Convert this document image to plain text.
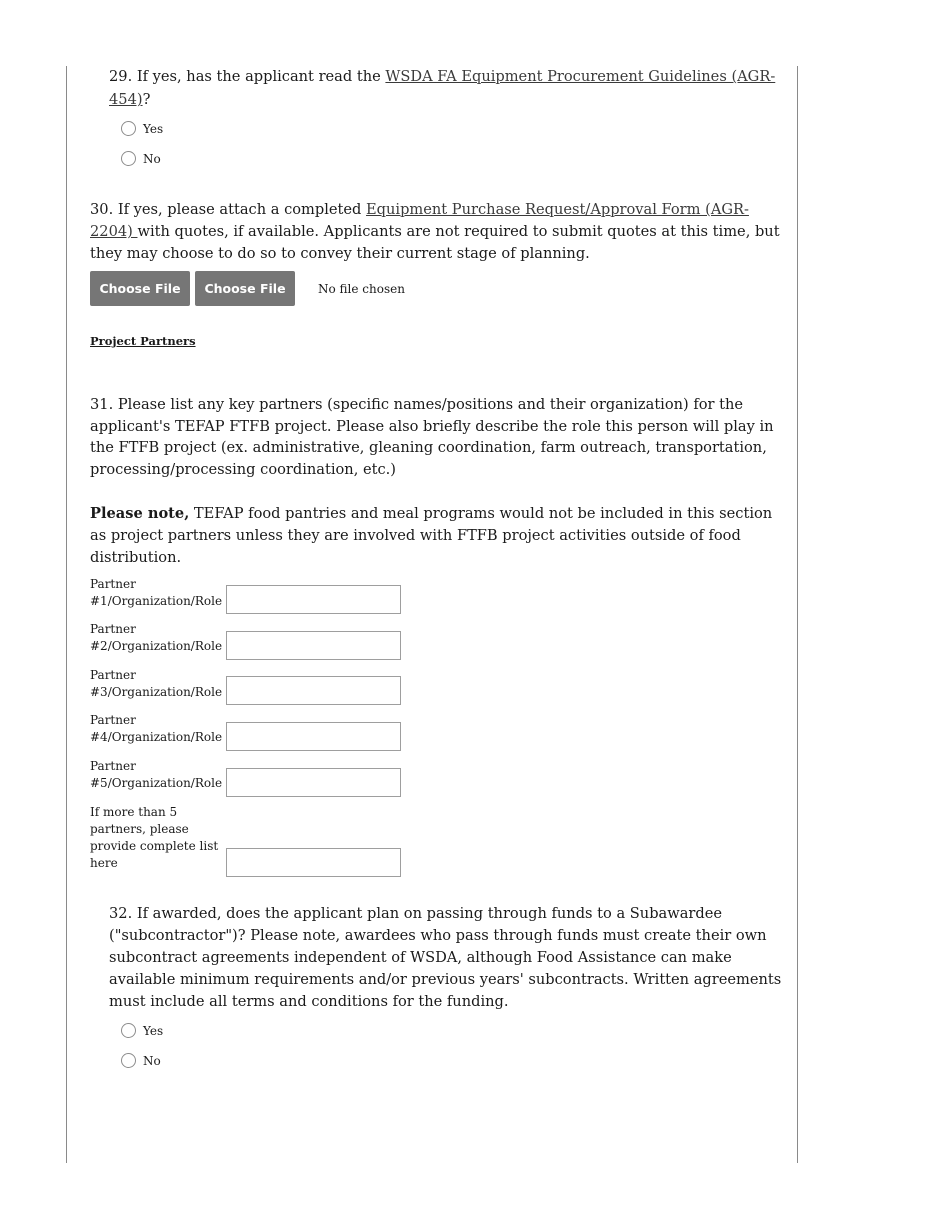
29. If yes, has the applicant read the WSDA FA Equipment Procurement Guidelines (AGR-454)?

Yes
No

30. If yes, please attach a completed Equipment Purchase Request/Approval Form (AGR-2204) with quotes, if available. Applicants are not required to submit quotes at this time, but they may choose to do so to convey their current stage of planning.

Choose File	Choose File	No file chosen
Project Partners

31. Please list any key partners (specific names/positions and their organization) for the applicant's TEFAP FTFB project. Please also briefly describe the role this person will play in the FTFB project (ex. administrative, gleaning coordination, farm outreach, transportation, processing/processing coordination, etc.)

Please note, TEFAP food pantries and meal programs would not be included in this section as project partners unless they are involved with FTFB project activities outside of food distribution.

Partner #1/Organization/Role
Partner #2/Organization/Role
Partner #3/Organization/Role
Partner #4/Organization/Role
Partner #5/Organization/Role
If more than 5 partners, please provide complete list here

32. If awarded, does the applicant plan on passing through funds to a Subawardee ("subcontractor")? Please note, awardees who pass through funds must create their own subcontract agreements independent of WSDA, although Food Assistance can make available minimum requirements and/or previous years' subcontracts. Written agreements must include all terms and conditions for the funding.

Yes
No
